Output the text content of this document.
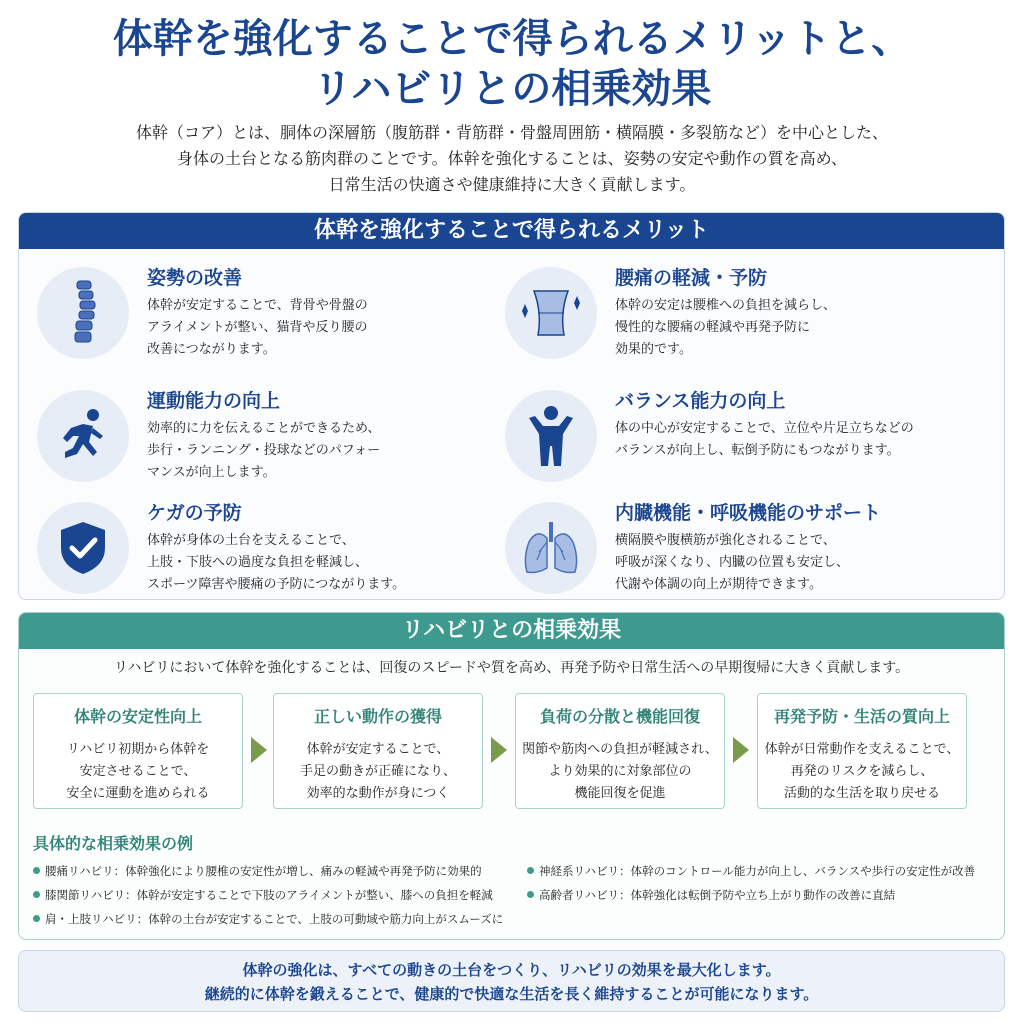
体幹を強化することで得られるメリットと、
リハビリとの相乗効果
体幹（コア）とは、胴体の深層筋（腹筋群・背筋群・骨盤周囲筋・横隔膜・多裂筋など）を中心とした、
身体の土台となる筋肉群のことです。体幹を強化することは、姿勢の安定や動作の質を高め、
日常生活の快適さや健康維持に大きく貢献します。
体幹を強化することで得られるメリット
姿勢の改善
体幹が安定することで、背骨や骨盤の
アライメントが整い、猫背や反り腰の
改善につながります。
腰痛の軽減・予防
体幹の安定は腰椎への負担を減らし、
慢性的な腰痛の軽減や再発予防に
効果的です。
運動能力の向上
効率的に力を伝えることができるため、
歩行・ランニング・投球などのパフォー
マンスが向上します。
バランス能力の向上
体の中心が安定することで、立位や片足立ちなどの
バランスが向上し、転倒予防にもつながります。
ケガの予防
体幹が身体の土台を支えることで、
上肢・下肢への過度な負担を軽減し、
スポーツ障害や腰痛の予防につながります。
内臓機能・呼吸機能のサポート
横隔膜や腹横筋が強化されることで、
呼吸が深くなり、内臓の位置も安定し、
代謝や体調の向上が期待できます。
リハビリとの相乗効果
リハビリにおいて体幹を強化することは、回復のスピードや質を高め、再発予防や日常生活への早期復帰に大きく貢献します。
体幹の安定性向上
リハビリ初期から体幹を
安定させることで、
安全に運動を進められる
正しい動作の獲得
体幹が安定することで、
手足の動きが正確になり、
効率的な動作が身につく
負荷の分散と機能回復
関節や筋肉への負担が軽減され、
より効果的に対象部位の
機能回復を促進
再発予防・生活の質向上
体幹が日常動作を支えることで、
再発のリスクを減らし、
活動的な生活を取り戻せる
具体的な相乗効果の例
腰痛リハビリ：体幹強化により腰椎の安定性が増し、痛みの軽減や再発予防に効果的	神経系リハビリ：体幹のコントロール能力が向上し、バランスや歩行の安定性が改善
膝関節リハビリ：体幹が安定することで下肢のアライメントが整い、膝への負担を軽減	高齢者リハビリ：体幹強化は転倒予防や立ち上がり動作の改善に直結
肩・上肢リハビリ：体幹の土台が安定することで、上肢の可動域や筋力向上がスムーズに
体幹の強化は、すべての動きの土台をつくり、リハビリの効果を最大化します。
継続的に体幹を鍛えることで、健康的で快適な生活を長く維持することが可能になります。
